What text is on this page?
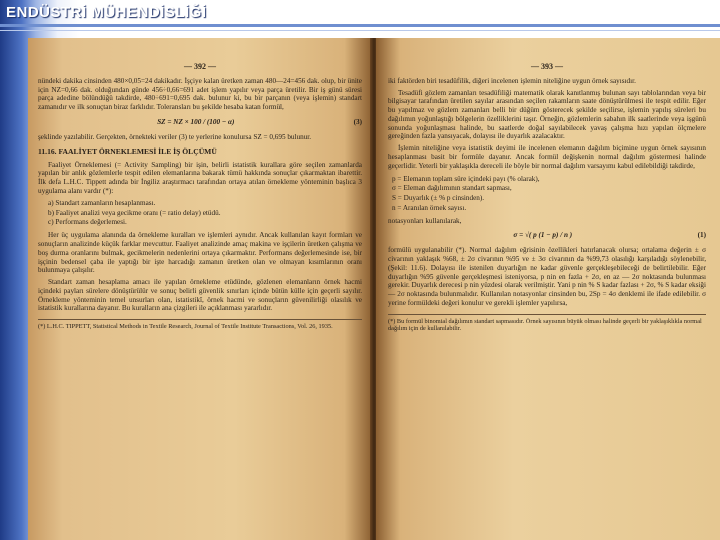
ENDÜSTRİ MÜHENDİSLİĞİ
— 392 —

nündeki dakika cinsinden 480×0,05=24 dakikadır. İşçiye kalan üretken zaman 480—24=456 dak. olup, bir ünite için NZ=0,66 dak. olduğundan günde 456÷0,66=691 adet işlem yapılır veya parça üretilir. Bir iş günü süresi parça adedine bölündüğü takdirde, 480÷691=0,695 dak. bulunur ki, bu bir parçanın (veya işlemin) standart zamanıdır ve ilk sonuçtan biraz farklıdır. Toleransları bu şekilde hesaba katan formül,

SZ = NZ × 100 / (100 − α)	(3)

şeklinde yazılabilir. Gerçekten, örnekteki veriler (3) te yerlerine konulursa SZ = 0,695 bulunur.

11.16. FAALİYET ÖRNEKLEMESİ İLE İŞ ÖLÇÜMÜ

Faaliyet Örneklemesi (= Activity Sampling) bir işin, belirli istatistik kurallara göre seçilen zamanlarda yapılan bir anlık gözlemlerle tespit edilen elemanlarına bakarak tümü hakkında sonuçlar çıkarmaktan ibarettir. İlk defa L.H.C. Tippett adında bir İngiliz araştırmacı tarafından ortaya atılan örnekleme yönteminin başlıca 3 uygulama alanı vardır (*):

a) Standart zamanların hesaplanması.
b) Faaliyet analizi veya gecikme oranı (= ratio delay) etüdü.
c) Performans değerlemesi.

Her üç uygulama alanında da örnekleme kuralları ve işlemleri aynıdır. Ancak kullanılan kayıt formları ve sonuçların analizinde küçük farklar mevcuttur. Faaliyet analizinde amaç makina ve işçilerin üretken çalışma ve boş durma oranlarını bulmak, gecikmelerin nedenlerini ortaya çıkarmaktır. Performans değerlemesinde ise, bir işçinin bedensel çaba ile yaptığı bir işte harcadığı zamanın üretken olan ve olmayan kısımlarının oranı bulunmaya çalışılır.

Standart zaman hesaplama amacı ile yapılan örnekleme etüdünde, gözlenen elemanların örnek hacmi içindeki payları sürelere dönüştürülür ve sonuç belirli güvenlik sınırları içinde bütün külle için geçerli sayılır. Örnekleme yönteminin temel unsurları olan, istatistikî, örnek hacmi ve sonuçların güvenilirliği olasılık ve istatistik kurallarına dayanır. Bu kuralların ana çizgileri ile açıklanması yararlıdır.

(*) L.H.C. TIPPETT, Statistical Methods in Textile Research, Journal of Textile Institute Transactions, Vol. 26, 1935.
— 393 —

iki faktörden biri tesadüfilik, diğeri incelenen işlemin niteliğine uygun örnek sayısıdır.

Tesadüfi gözlem zamanları tesadüfiliği matematik olarak kanıtlanmış bulunan sayı tablolarından veya bir bilgisayar tarafından üretilen sayılar arasından seçilen rakamların saate dönüştürülmesi ile tespit edilir. Eğer bu yapılmaz ve gözlem zamanları belli bir düğüm gösterecek şekilde seçilirse, işlemin yapılış süreleri bu dağılımın yoğunlaştığı bölgelerin özelliklerini taşır. Örneğin, gözlemlerin sabahın ilk saatlerinde veya işgünü sonunda yoğunlaşması halinde, bu saatlerde doğal sayılabilecek yavaş çalışma hızı yapılan ölçmelere gereğinden fazla yansıyacak, dolayısı ile duyarlık azalacaktır.

İşlemin niteliğine veya istatistik deyimi ile incelenen elemanın dağılım biçimine uygun örnek sayısının hesaplanması basit bir formüle dayanır. Ancak formül değişkenin normal dağılım göstermesi halinde geçerlidir. Yeterli bir yaklaşıkla dereceli ile böyle bir normal dağılım varsayımı kabul edilebildiği takdirde,

p = Elemanın toplam süre içindeki payı (% olarak),
σ = Eleman dağılımının standart sapması,
S = Duyarlık (± % p cinsinden).
n = Aranılan örnek sayısı.

notasyonları kullanılarak,

σ = √( p (1 − p) / n )	(1)

formülü uygulanabilir (*). Normal dağılım eğrisinin özellikleri hatırlanacak olursa; ortalama değerin ± σ civarının yaklaşık %68, ± 2σ civarının %95 ve ± 3σ civarının da %99,73 olasılığı karşıladığı söylenebilir, (Şekil: 11.6). Dolayısı ile istenilen duyarlığın ne kadar güvenle gerçekleşebileceği de belirtilebilir. Eğer duyarlığın %95 güvenle gerçekleşmesi isteniyorsa, p nin en fazla + 2σ, en az — 2σ noktasında bulunması gerekir. Duyarlık derecesi p nin yüzdesi olarak verilmiştir. Yani p nin % S kadar fazlası + 2σ, % S kadar eksiği — 2σ noktasında bulunmalıdır. Kullanılan notasyonlar cinsinden bu, 2Sp = 4σ denklemi ile ifade edilebilir. σ yerine formüldeki değeri konulur ve gerekli işlemler yapılırsa,

(*) Bu formül binomial dağılımın standart sapmasıdır. Örnek sayısının büyük olması halinde geçerli bir yaklaşıklıkla normal dağılım için de kullanılabilir.
